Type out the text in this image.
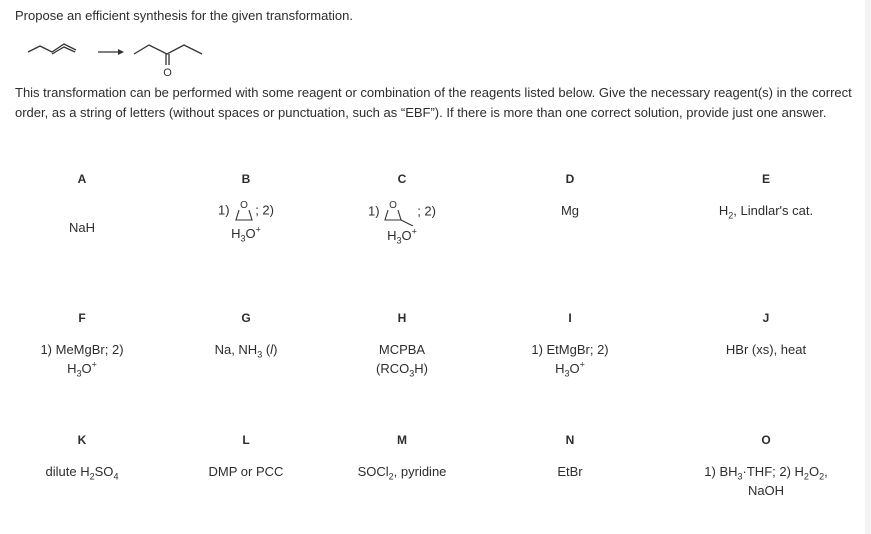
Propose an efficient synthesis for the given transformation.
O
This transformation can be performed with some reagent or combination of the reagents listed below. Give the necessary reagent(s) in the correct order, as a string of letters (without spaces or punctuation, such as “EBF”). If there is more than one correct solution, provide just one answer.
A
NaH
B
1) O ; 2)
$H_3O^+$
C
1) O ; 2)
$H_3O^+$
D
Mg
E
$H_2$, Lindlar's cat.
F
1) MeMgBr; 2)
$H_3O^+$
G
Na, $NH_3$ (l)
H
MCPBA
$(RCO_3H)$
I
1) EtMgBr; 2)
$H_3O^+$
J
HBr (xs), heat
K
dilute $H_2SO_4$
L
DMP or PCC
M
SOCl$_2$, pyridine
N
EtBr
O
1) $BH_3\cdot THF$; 2) $H_2O_2$,
NaOH
